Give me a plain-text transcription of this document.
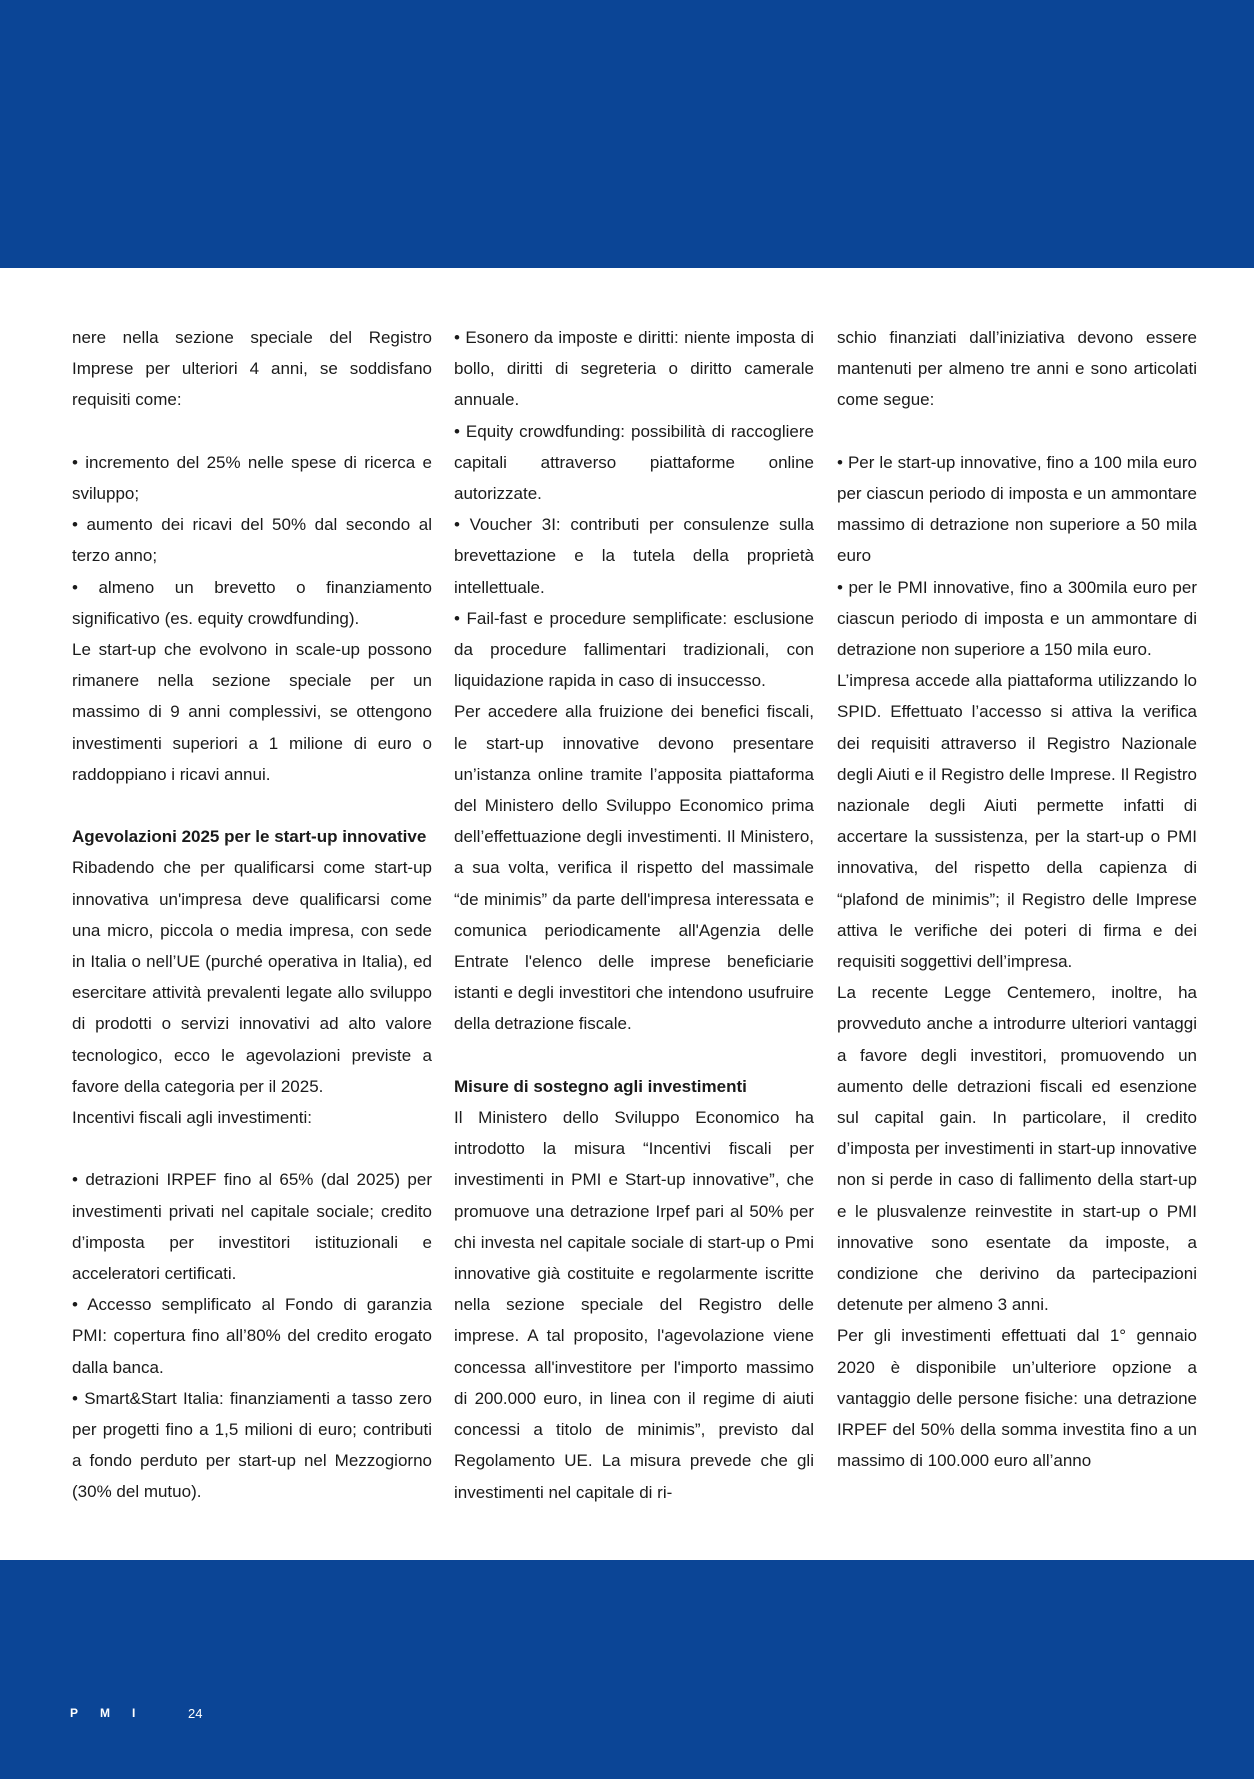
nere nella sezione speciale del Registro Imprese per ulteriori 4 anni, se soddisfano requisiti come:

• incremento del 25% nelle spese di ricerca e sviluppo;

• aumento dei ricavi del 50% dal secondo al terzo anno;

• almeno un brevetto o finanziamento significativo (es. equity crowdfunding).

Le start-up che evolvono in scale-up possono rimanere nella sezione speciale per un massimo di 9 anni complessivi, se ottengono investimenti superiori a 1 milione di euro o raddoppiano i ricavi annui.

Agevolazioni 2025 per le start-up innovative

Ribadendo che per qualificarsi come start-up innovativa un'impresa deve qualificarsi come una micro, piccola o media impresa, con sede in Italia o nell’UE (purché operativa in Italia), ed esercitare attività prevalenti legate allo sviluppo di prodotti o servizi innovativi ad alto valore tecnologico, ecco le agevolazioni previste a favore della categoria per il 2025.

Incentivi fiscali agli investimenti:

• detrazioni IRPEF fino al 65% (dal 2025) per investimenti privati nel capitale sociale; credito d’imposta per investitori istituzionali e acceleratori certificati.

• Accesso semplificato al Fondo di garanzia PMI: copertura fino all’80% del credito erogato dalla banca.

• Smart&Start Italia: finanziamenti a tasso zero per progetti fino a 1,5 milioni di euro; contributi a fondo perduto per start-up nel Mezzogiorno (30% del mutuo).

• Esonero da imposte e diritti: niente imposta di bollo, diritti di segreteria o diritto camerale annuale.

• Equity crowdfunding: possibilità di raccogliere capitali attraverso piattaforme online autorizzate.

• Voucher 3I: contributi per consulenze sulla brevettazione e la tutela della proprietà intellettuale.

• Fail-fast e procedure semplificate: esclusione da procedure fallimentari tradizionali, con liquidazione rapida in caso di insuccesso.

Per accedere alla fruizione dei benefici fiscali, le start-up innovative devono presentare un’istanza online tramite l’apposita piattaforma del Ministero dello Sviluppo Economico prima dell’effettuazione degli investimenti. Il Ministero, a sua volta, verifica il rispetto del massimale “de minimis” da parte dell'impresa interessata e comunica periodicamente all'Agenzia delle Entrate l'elenco delle imprese beneficiarie istanti e degli investitori che intendono usufruire della detrazione fiscale.

Misure di sostegno agli investimenti

Il Ministero dello Sviluppo Economico ha introdotto la misura “Incentivi fiscali per investimenti in PMI e Start-up innovative”, che promuove una detrazione Irpef pari al 50% per chi investa nel capitale sociale di start-up o Pmi innovative già costituite e regolarmente iscritte nella sezione speciale del Registro delle imprese. A tal proposito, l'agevolazione viene concessa all'investitore per l'importo massimo di 200.000 euro, in linea con il regime di aiuti concessi a titolo de minimis”, previsto dal Regolamento UE. La misura prevede che gli investimenti nel capitale di ri-

schio finanziati dall’iniziativa devono essere mantenuti per almeno tre anni e sono articolati come segue:

• Per le start-up innovative, fino a 100 mila euro per ciascun periodo di imposta e un ammontare massimo di detrazione non superiore a 50 mila euro

• per le PMI innovative, fino a 300mila euro per ciascun periodo di imposta e un ammontare di detrazione non superiore a 150 mila euro.

L’impresa accede alla piattaforma utilizzando lo SPID. Effettuato l’accesso si attiva la verifica dei requisiti attraverso il Registro Nazionale degli Aiuti e il Registro delle Imprese. Il Registro nazionale degli Aiuti permette infatti di accertare la sussistenza, per la start-up o PMI innovativa, del rispetto della capienza di “plafond de minimis”; il Registro delle Imprese attiva le verifiche dei poteri di firma e dei requisiti soggettivi dell’impresa.

La recente Legge Centemero, inoltre, ha provveduto anche a introdurre ulteriori vantaggi a favore degli investitori, promuovendo un aumento delle detrazioni fiscali ed esenzione sul capital gain. In particolare, il credito d’imposta per investimenti in start-up innovative non si perde in caso di fallimento della start-up e le plusvalenze reinvestite in start-up o PMI innovative sono esentate da imposte, a condizione che derivino da partecipazioni detenute per almeno 3 anni.

Per gli investimenti effettuati dal 1° gennaio 2020 è disponibile un’ulteriore opzione a vantaggio delle persone fisiche: una detrazione IRPEF del 50% della somma investita fino a un massimo di 100.000 euro all’anno

PMI 24
